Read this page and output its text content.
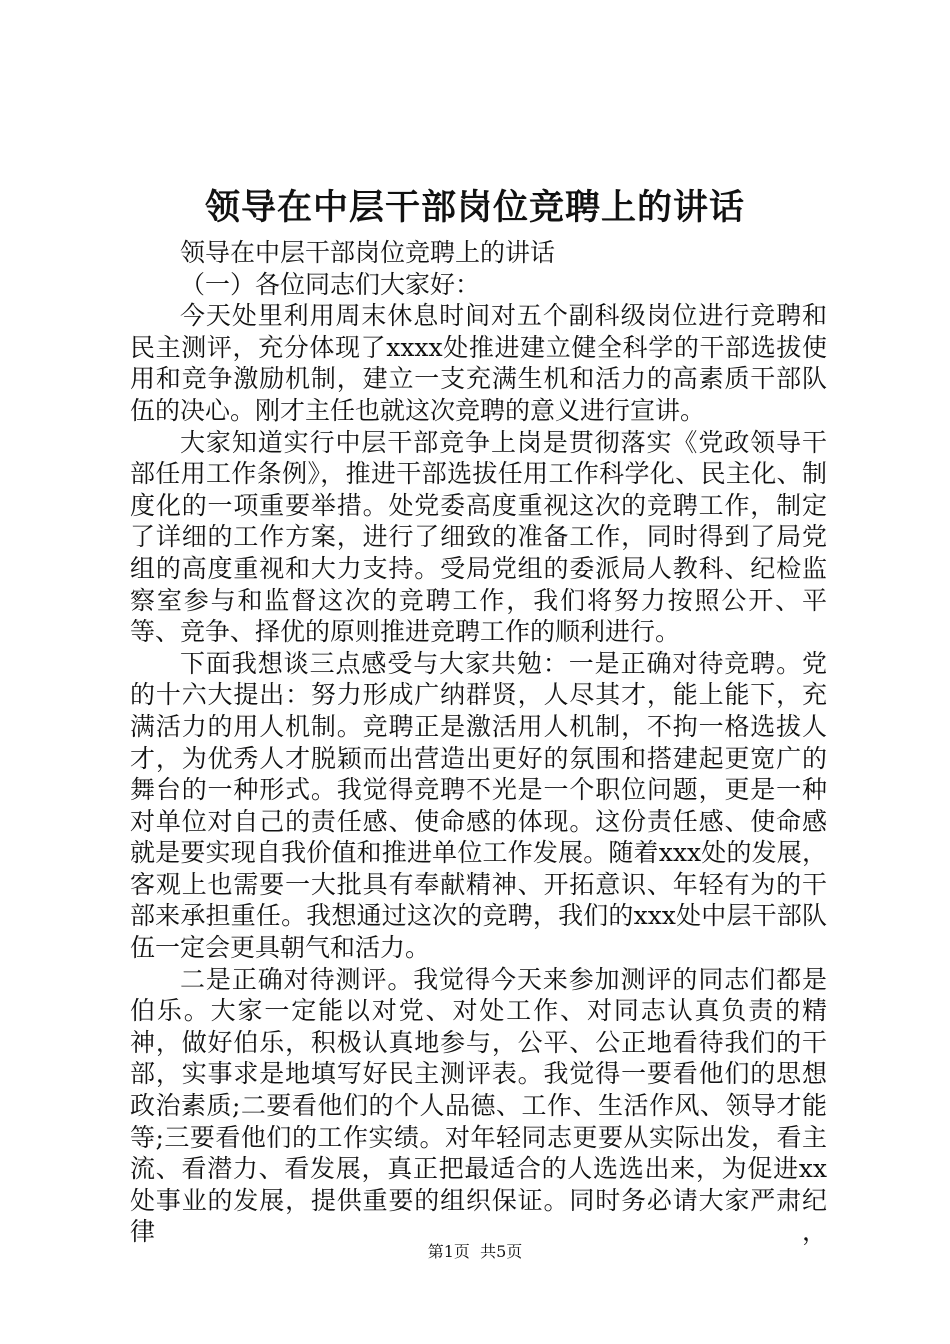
领导在中层干部岗位竞聘上的讲话

领导在中层干部岗位竞聘上的讲话

（一）各位同志们大家好：

今天处里利用周末休息时间对五个副科级岗位进行竞聘和民主测评，充分体现了xxxx处推进建立健全科学的干部选拔使用和竞争激励机制，建立一支充满生机和活力的高素质干部队伍的决心。刚才主任也就这次竞聘的意义进行宣讲。

大家知道实行中层干部竞争上岗是贯彻落实《党政领导干部任用工作条例》，推进干部选拔任用工作科学化、民主化、制度化的一项重要举措。处党委高度重视这次的竞聘工作，制定了详细的工作方案，进行了细致的准备工作，同时得到了局党组的高度重视和大力支持。受局党组的委派局人教科、纪检监察室参与和监督这次的竞聘工作，我们将努力按照公开、平等、竞争、择优的原则推进竞聘工作的顺利进行。

下面我想谈三点感受与大家共勉：一是正确对待竞聘。党的十六大提出：努力形成广纳群贤，人尽其才，能上能下，充满活力的用人机制。竞聘正是激活用人机制，不拘一格选拔人才，为优秀人才脱颖而出营造出更好的氛围和搭建起更宽广的舞台的一种形式。我觉得竞聘不光是一个职位问题，更是一种对单位对自己的责任感、使命感的体现。这份责任感、使命感就是要实现自我价值和推进单位工作发展。随着xxx处的发展，客观上也需要一大批具有奉献精神、开拓意识、年轻有为的干部来承担重任。我想通过这次的竞聘，我们的xxx处中层干部队伍一定会更具朝气和活力。

二是正确对待测评。我觉得今天来参加测评的同志们都是伯乐。大家一定能以对党、对处工作、对同志认真负责的精神，做好伯乐，积极认真地参与，公平、公正地看待我们的干部，实事求是地填写好民主测评表。我觉得一要看他们的思想政治素质;二要看他们的个人品德、工作、生活作风、领导才能等;三要看他们的工作实绩。对年轻同志更要从实际出发，看主流、看潜力、看发展，真正把最适合的人选选出来，为促进xx处事业的发展，提供重要的组织保证。同时务必请大家严肃纪律，

第1页 共5页
